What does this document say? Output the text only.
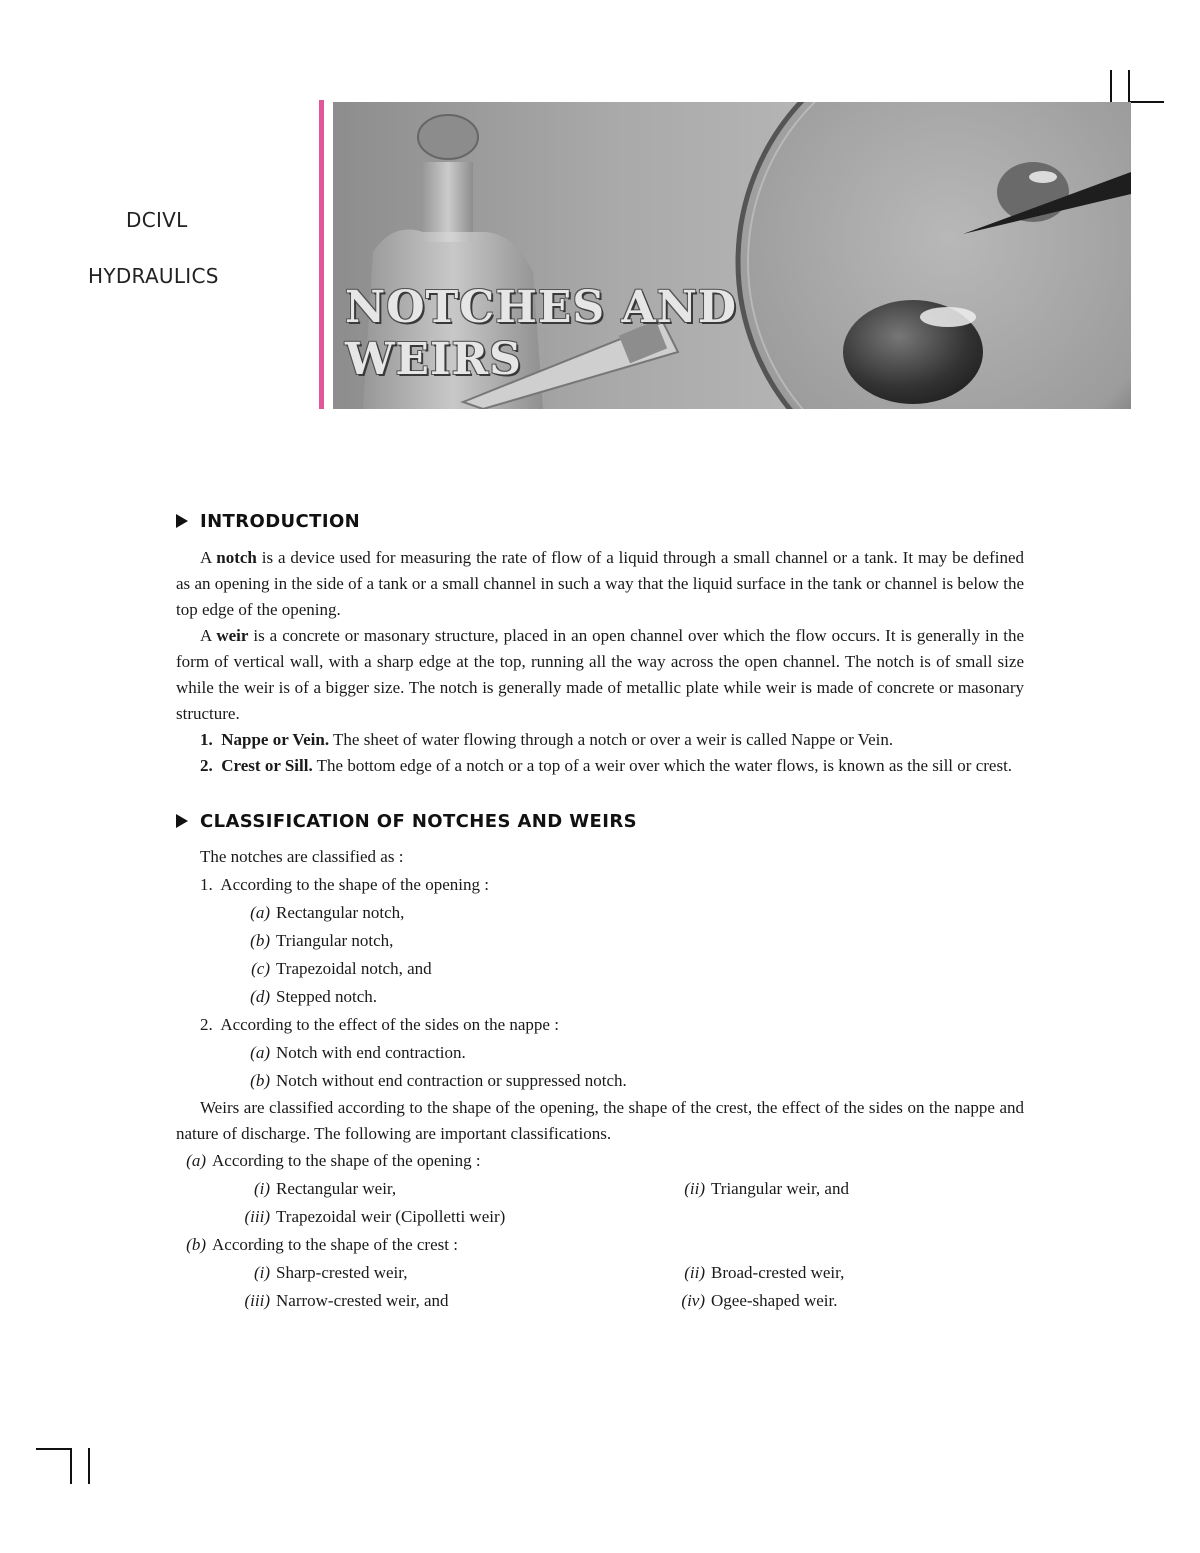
DCIVL
HYDRAULICS
NOTCHES AND
WEIRS
INTRODUCTION

A notch is a device used for measuring the rate of flow of a liquid through a small channel or a tank. It may be defined as an opening in the side of a tank or a small channel in such a way that the liquid surface in the tank or channel is below the top edge of the opening.

A weir is a concrete or masonary structure, placed in an open channel over which the flow occurs. It is generally in the form of vertical wall, with a sharp edge at the top, running all the way across the open channel. The notch is of small size while the weir is of a bigger size. The notch is generally made of metallic plate while weir is made of concrete or masonary structure.

1. Nappe or Vein. The sheet of water flowing through a notch or over a weir is called Nappe or Vein.

2. Crest or Sill. The bottom edge of a notch or a top of a weir over which the water flows, is known as the sill or crest.

CLASSIFICATION OF NOTCHES AND WEIRS
The notches are classified as :
1. According to the shape of the opening :
(a) Rectangular notch,
(b) Triangular notch,
(c) Trapezoidal notch, and
(d) Stepped notch.
2. According to the effect of the sides on the nappe :
(a) Notch with end contraction.
(b) Notch without end contraction or suppressed notch.

Weirs are classified according to the shape of the opening, the shape of the crest, the effect of the sides on the nappe and nature of discharge. The following are important classifications.

(a) According to the shape of the opening :
(i) Rectangular weir,	(ii) Triangular weir, and
(iii) Trapezoidal weir (Cipolletti weir)
(b) According to the shape of the crest :
(i) Sharp-crested weir,	(ii) Broad-crested weir,
(iii) Narrow-crested weir, and	(iv) Ogee-shaped weir.
